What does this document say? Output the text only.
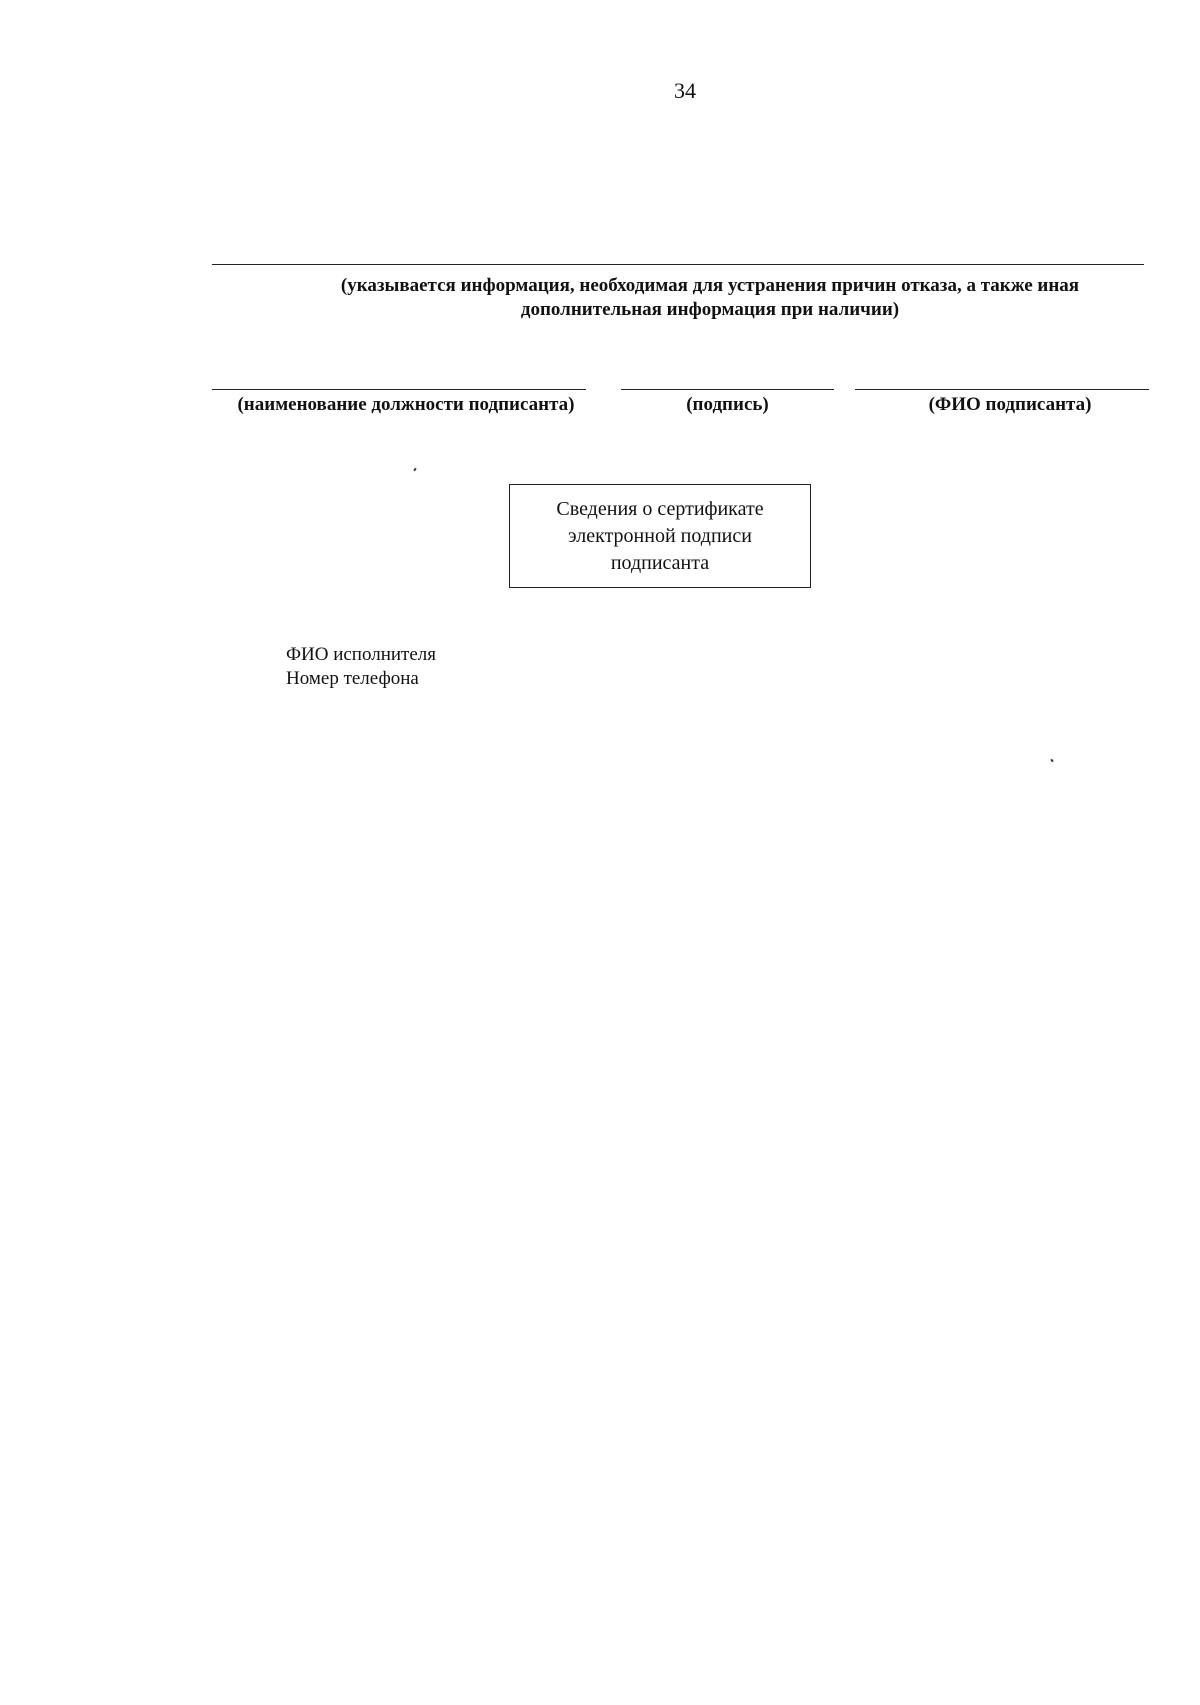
34
(указывается информация, необходимая для устранения причин отказа, а также иная
дополнительная информация при наличии)
(наименование должности подписанта)	(подпись)	(ФИО подписанта)
Сведения о сертификате
электронной подписи
подписанта
ФИО исполнителя
Номер телефона
